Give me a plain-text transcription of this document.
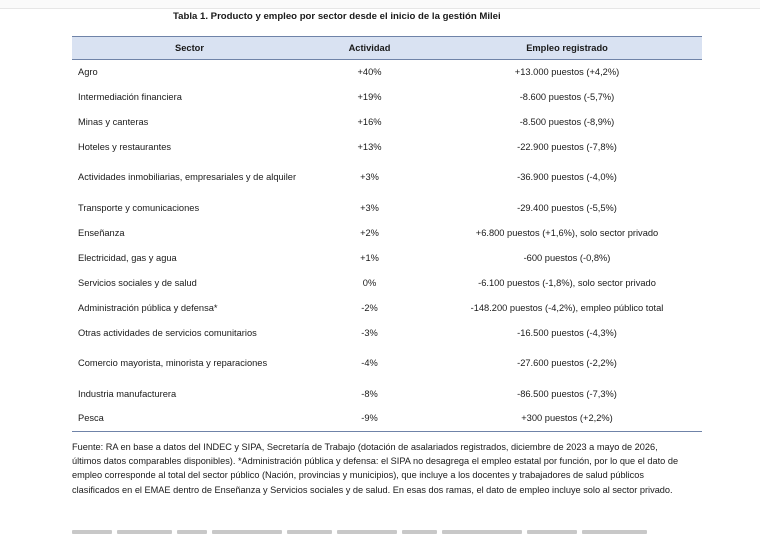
Tabla 1. Producto y empleo por sector desde el inicio de la gestión Milei
Sector	Actividad	Empleo registrado
Agro	+40%	+13.000 puestos (+4,2%)
Intermediación financiera	+19%	-8.600 puestos (-5,7%)
Minas y canteras	+16%	-8.500 puestos (-8,9%)
Hoteles y restaurantes	+13%	-22.900 puestos (-7,8%)
Actividades inmobiliarias, empresariales y de alquiler	+3%	-36.900 puestos (-4,0%)
Transporte y comunicaciones	+3%	-29.400 puestos (-5,5%)
Enseñanza	+2%	+6.800 puestos (+1,6%), solo sector privado
Electricidad, gas y agua	+1%	-600 puestos (-0,8%)
Servicios sociales y de salud	0%	-6.100 puestos (-1,8%), solo sector privado
Administración pública y defensa*	-2%	-148.200 puestos (-4,2%), empleo público total
Otras actividades de servicios comunitarios	-3%	-16.500 puestos (-4,3%)
Comercio mayorista, minorista y reparaciones	-4%	-27.600 puestos (-2,2%)
Industria manufacturera	-8%	-86.500 puestos (-7,3%)
Pesca	-9%	+300 puestos (+2,2%)
Fuente: RA en base a datos del INDEC y SIPA, Secretaría de Trabajo (dotación de asalariados registrados, diciembre de 2023 a mayo de 2026, últimos datos comparables disponibles). *Administración pública y defensa: el SIPA no desagrega el empleo estatal por función, por lo que el dato de empleo corresponde al total del sector público (Nación, provincias y municipios), que incluye a los docentes y trabajadores de salud públicos clasificados en el EMAE dentro de Enseñanza y Servicios sociales y de salud. En esas dos ramas, el dato de empleo incluye solo al sector privado.
